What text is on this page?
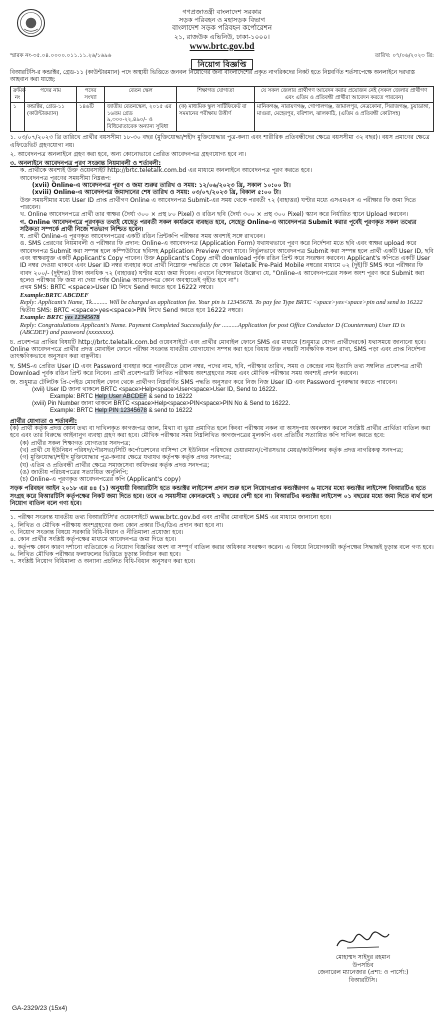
গণপ্রজাতন্ত্রী বাংলাদেশ সরকার
সড়ক পরিবহন ও মহাসড়ক বিভাগ
বাংলাদেশ সড়ক পরিবহন কর্পোরেশন
২১, রাজউক এভিনিউ, ঢাকা-১০০০।
www.brtc.gov.bd
স্মারক নং-৩৫.০৪.০০০০.০১১.১১.২৬/১৬৯৬	তারিখ: ০৭/০৬/২০২৩ খ্রি:
নিয়োগ বিজ্ঞপ্তি
বিআরটিসি-র কন্ডাক্টর, গ্রেড-১১ (কাউন্টারম্যান) পদে অস্থায়ী ভিত্তিতে জনবল নিয়োগের জন্য বাংলাদেশের প্রকৃত নাগরিকদের নিকট হতে নিম্নবর্ণিত শর্তসাপেক্ষে অনলাইনে দরখাস্ত আহবান করা যাচ্ছে:
ক্রমিক নং	পদের নাম	পদের সংখ্যা	বেতন স্কেল	শিক্ষাগত যোগ্যতা	যে সকল জেলার প্রার্থীগণ আবেদন করার প্রয়োজন নেই (সকল জেলার প্রার্থীগণ এবং এতিম ও প্রতিবন্ধী প্রার্থীরা আবেদন করতে পারবেন)
১	কন্ডাক্টর, গ্রেড-১১ (কাউন্টারম্যান)	১৪৬টি	জাতীয় বেতনস্কেল, ২০১৫ এর ১৬তম গ্রেড ৯,৩০০-২২,৪৯০/- ও বিধিমোতাবেক অন্যান্য সুবিধা	(ক) মাধ্যমিক স্কুল সার্টিফিকেট বা সমমানের পরীক্ষায় উত্তীর্ণ	মানিকগঞ্জ, নারায়ণগঞ্জ, গোপালগঞ্জ, জামালপুর, নেত্রকোনা, সিরাজগঞ্জ, চুয়াডাঙ্গা, মাগুরা, মেহেরপুর, বরিশাল, ঝালকাঠি, (এতিম ও প্রতিবন্ধী কোটাসহ)
১. ০৩/০৭/২০২৩ খ্রি তারিখে প্রার্থীর বয়সসীমা ১৮-৩০ বছর (মুক্তিযোদ্ধা/শহীদ মুক্তিযোদ্ধার পুত্র-কন্যা এবং শারীরিক প্রতিবন্ধীদের ক্ষেত্রে বয়সসীমা ৩২ বছর)। বয়স প্রমাণের ক্ষেত্রে এফিডেভিট গ্রহণযোগ্য নয়।
২. আবেদনপত্র অনলাইনে গ্রহণ করা হবে, অন্য কোনোভাবে প্রেরিত আবেদনপত্র গ্রহণযোগ্য হবে না।
৩. অনলাইনে আবেদনপত্র পূরণ সংক্রান্ত নিয়মাবলী ও শর্তাবলী:
ক. প্রার্থীকে অবশ্যই উক্ত ওয়েবসাইট http://brtc.teletalk.com.bd এর মাধ্যমে অনলাইনে আবেদনপত্র পূরণ করতে হবে।
আবেদনপত্র পূরণের সময়সীমা নিম্নরূপ:
(xvii) Online-এ আবেদনপত্র পূরণ ও জমা শুরুর তারিখ ও সময়: ১২/০৬/২০২৩ খ্রি, সকাল ১০:০০ টা।
(xviii) Online-এ আবেদনপত্র জমাদানের শেষ তারিখ ও সময়: ০৩/০৭/২০২৩ খ্রি, বিকাল ৫:০০ টা।
উক্ত সময়সীমার মধ্যে User ID প্রাপ্ত প্রার্থীগণ Online এ আবেদনপত্র Submit-এর সময় থেকে পরবর্তী ৭২ (বাহাত্তর) ঘণ্টার মধ্যে এসএমএস এ পরীক্ষার ফি জমা দিতে পারবেন।
খ. Online আবেদনপত্রে প্রার্থী তার স্বাক্ষর (দৈর্ঘ্য ৩০০ × প্রস্থ ৮০ Pixel) ও রঙিন ছবি (দৈর্ঘ্য ৩০০ × প্রস্থ ৩০০ Pixel) স্ক্যান করে নির্ধারিত স্থানে Upload করবেন।
গ. Online আবেদনপত্রে পূরণকৃত তথ্যই যেহেতু পরবর্তী সকল কার্যক্রমে ব্যবহৃত হবে, সেহেতু Online-এ আবেদনপত্র Submit করার পূর্বেই পূরণকৃত সকল তথ্যের সঠিকতা সম্পর্কে প্রার্থী নিজে শতভাগ নিশ্চিত হবেন।
ঘ. প্রার্থী Online-এ পূরণকৃত আবেদনপত্রের একটি রঙিন প্রিন্টকপি পরীক্ষার সময় অবশ্যই সঙ্গে রাখবেন।
ঙ. SMS প্রেরণের নিয়মাবলী ও পরীক্ষার ফি প্রদান: Online-এ আবেদনপত্র (Application Form) যথাযথভাবে পূরণ করে নির্দেশনা মতে ছবি এবং স্বাক্ষর upload করে আবেদনপত্র Submit করা সম্পন্ন হলে কম্পিউটারে ছবিসহ Application Preview দেখা যাবে। নির্ভুলভাবে আবেদনপত্র Submit করা সম্পন্ন হলে প্রার্থী একটি User ID, ছবি এবং স্বাক্ষরযুক্ত একটি Applicant's Copy পাবেন। উক্ত Applicant's Copy প্রার্থী download পূর্বক রঙিন প্রিন্ট করে সংরক্ষণ করবেন। Applicant's কপিতে একটি User ID নম্বর দেওয়া থাকবে এবং User ID নম্বর ব্যবহার করে প্রার্থী নিম্নোক্ত পদ্ধতিতে যে কোন Teletalk Pre-Paid Mobile নম্বরের মাধ্যমে ০২ (দুই)টি SMS করে পরীক্ষার ফি বাবদ ২০০/- (দুইশত) টাকা অনধিক ৭২ (বাহাত্তর) ঘণ্টার মধ্যে জমা দিবেন। এখানে বিশেষভাবে উল্লেখ্য যে, "Online-এ আবেদনপত্রের সকল অংশ পূরণ করে Submit করা হলেও পরীক্ষার ফি জমা না দেয়া পর্যন্ত Online আবেদনপত্র কোন অবস্থাতেই গৃহীত হবে না"।
প্রথম SMS: BRTC <space>User ID লিখে Send করতে হবে 16222 নম্বরে।
Example:BRTC ABCDEF
Reply: Applicant's Name, Tk.......... Will be charged as application fee. Your pin is 12345678. To pay fee Type BRTC <space>yes<space>pin and send to 16222
দ্বিতীয় SMS: BRTC <space>yes<space>PIN লিখে Send করতে হবে 16222 নম্বরে।
Example: BRTC yes 12345678
Reply: Congratulations Applicant's Name. Payment Completed Successfully for ..........Application for post Office Conductor D (Counterman) User ID is (ABCDEF) and password (xxxxxxxx).
চ. প্রবেশপত্র প্রাপ্তির বিষয়টি http://brtc.teletalk.com.bd ওয়েবসাইটে এবং প্রার্থীর মোবাইল ফোনে SMS এর মাধ্যমে (শুধুমাত্র যোগ্য প্রার্থীদেরকে) যথাসময়ে জানানো হবে। Online আবেদনপত্রে প্রার্থীর প্রদত্ত মোবাইল ফোনে পরীক্ষা সংক্রান্ত যাবতীয় যোগাযোগ সম্পন্ন করা হবে বিধায় উক্ত নম্বরটি সার্বক্ষণিক সচল রাখা, SMS পড়া এবং প্রাপ্ত নির্দেশনা তাৎক্ষণিকভাবে অনুসরণ করা বাঞ্ছনীয়।
ছ. SMS-এ প্রেরিত User ID এবং Password ব্যবহার করে পরবর্তীতে রোল নম্বর, পদের নাম, ছবি, পরীক্ষার তারিখ, সময় ও কেন্দ্রের নাম ইত্যাদি তথ্য সম্বলিত প্রবেশপত্র প্রার্থী Download পূর্বক রঙিন প্রিন্ট করে নিবেন। প্রার্থী প্রবেশপত্রটি লিখিত পরীক্ষায় অংশগ্রহণের সময় এবং মৌখিক পরীক্ষার সময় অবশ্যই প্রদর্শন করবেন।
জ. শুধুমাত্র টেলিটক প্রি-পেইড মোবাইল ফোন থেকে প্রার্থীগণ নিম্নবর্ণিত SMS পদ্ধতি অনুসরণ করে নিজ নিজ User ID এবং Password পুনরুদ্ধার করতে পারবেন।
(xvii) User ID জানা থাকলে BRTC <space>Help<space>User<space>User ID, Send to 16222.
Example: BRTC Help User ABCDEF & send to 16222
(xviii) Pin Number জানা থাকলে BRTC <space>Help<space>PIN<space>PIN No & Send to 16222.
Example: BRTC Help PIN 12345678 & send to 16222
প্রার্থীর যোগ্যতা ও শর্তাবলী:
(ক) প্রার্থী কর্তৃক প্রদত্ত কোন তথ্য বা দাখিলকৃত কাগজপত্র জাল, মিথ্যা বা ভুয়া প্রমাণিত হলে কিংবা পরীক্ষায় নকল বা অসদুপায় অবলম্বন করলে সংশ্লিষ্ট প্রার্থীর প্রার্থিতা বাতিল করা হবে এবং তার বিরুদ্ধে আইনানুগ ব্যবস্থা গ্রহণ করা হবে। মৌখিক পরীক্ষার সময় নিম্নলিখিত কাগজপত্রের মূলকপি এবং প্রতিটির সত্যায়িত কপি দাখিল করতে হবে:
(ক) প্রার্থীর সকল শিক্ষাগত যোগ্যতার সনদপত্র;
(খ) প্রার্থী যে ইউনিয়ন পরিষদ/পৌরসভা/সিটি কর্পোরেশনের বাসিন্দা সে ইউনিয়ন পরিষদের চেয়ারম্যান/পৌরসভার মেয়র/কাউন্সিলর কর্তৃক প্রদত্ত নাগরিকত্ব সনদপত্র;
(গ) মুক্তিযোদ্ধা/শহীদ মুক্তিযোদ্ধার পুত্র-কন্যার ক্ষেত্রে যথাযথ কর্তৃপক্ষ কর্তৃক প্রদত্ত সনদপত্র;
(ঘ) এতিম ও প্রতিবন্ধী প্রার্থীর ক্ষেত্রে সমাজসেবা অধিদপ্তর কর্তৃক প্রদত্ত সনদপত্র;
(ঙ) জাতীয় পরিচয়পত্রের সত্যায়িত অনুলিপি;
(চ) Online-এ পূরণকৃত আবেদনপত্রের কপি (Applicant's copy)
সড়ক পরিবহন আইন ২০১৮ এর ৪৪ (১) অনুযায়ী বিআরটিসি হতে কন্ডাক্টর লাইসেন্স প্রদান শুরু হলে নিয়োগপ্রাপ্ত কন্ডাক্টরগণ ৬ মাসের মধ্যে কন্ডাক্টর লাইসেন্স বিআরটিএ হতে সংগ্রহ করে বিআরটিসি কর্তৃপক্ষের নিকট জমা দিতে হবে। তবে এ সময়সীমা কোনক্রমেই ১ বছরের বেশী হবে না। বিআরটিএ কন্ডাক্টর লাইসেন্স ০১ বছরের মধ্যে জমা দিতে ব্যর্থ হলে নিয়োগ বাতিল বলে গণ্য হবে।
১. পরীক্ষা সংক্রান্ত যাবতীয় তথ্য বিআরটিসি'র ওয়েবসাইটে www.brtc.gov.bd এবং প্রার্থীর মোবাইলে SMS এর মাধ্যমে জানানো হবে।
২. লিখিত ও মৌখিক পরীক্ষায় অংশগ্রহণের জন্য কোন প্রকার টিএ/ডিএ প্রদান করা হবে না।
৩. নিয়োগ সংক্রান্ত বিষয়ে সরকারি বিধি-বিধান ও নীতিমালা প্রযোজ্য হবে।
৪. কোন প্রার্থীর সংশ্লিষ্ট কর্তৃপক্ষের মাধ্যমে আবেদনপত্র জমা দিতে হবে।
৫. কর্তৃপক্ষ কোন কারণ দর্শানো ব্যতিরেকে এ নিয়োগ বিজ্ঞপ্তির অংশ বা সম্পূর্ণ বাতিল করার অধিকার সংরক্ষণ করেন। এ বিষয়ে নিয়োগকারী কর্তৃপক্ষের সিদ্ধান্তই চূড়ান্ত বলে গণ্য হবে।
৬. লিখিত মৌখিক পরীক্ষার ফলাফলের ভিত্তিতে চূড়ান্ত নির্বাচন করা হবে।
৭. সংশ্লিষ্ট নিয়োগ বিধিমালা ও অন্যান্য প্রচলিত বিধি-বিধান অনুসরণ করা হবে।
মোহাম্মদ সাইদুর রহমান
উপসচিব
জেনারেল ম্যানেজার (প্রশা: ও পার্সো:)
বিআরটিসি।
GA-2329/23 (15x4)
